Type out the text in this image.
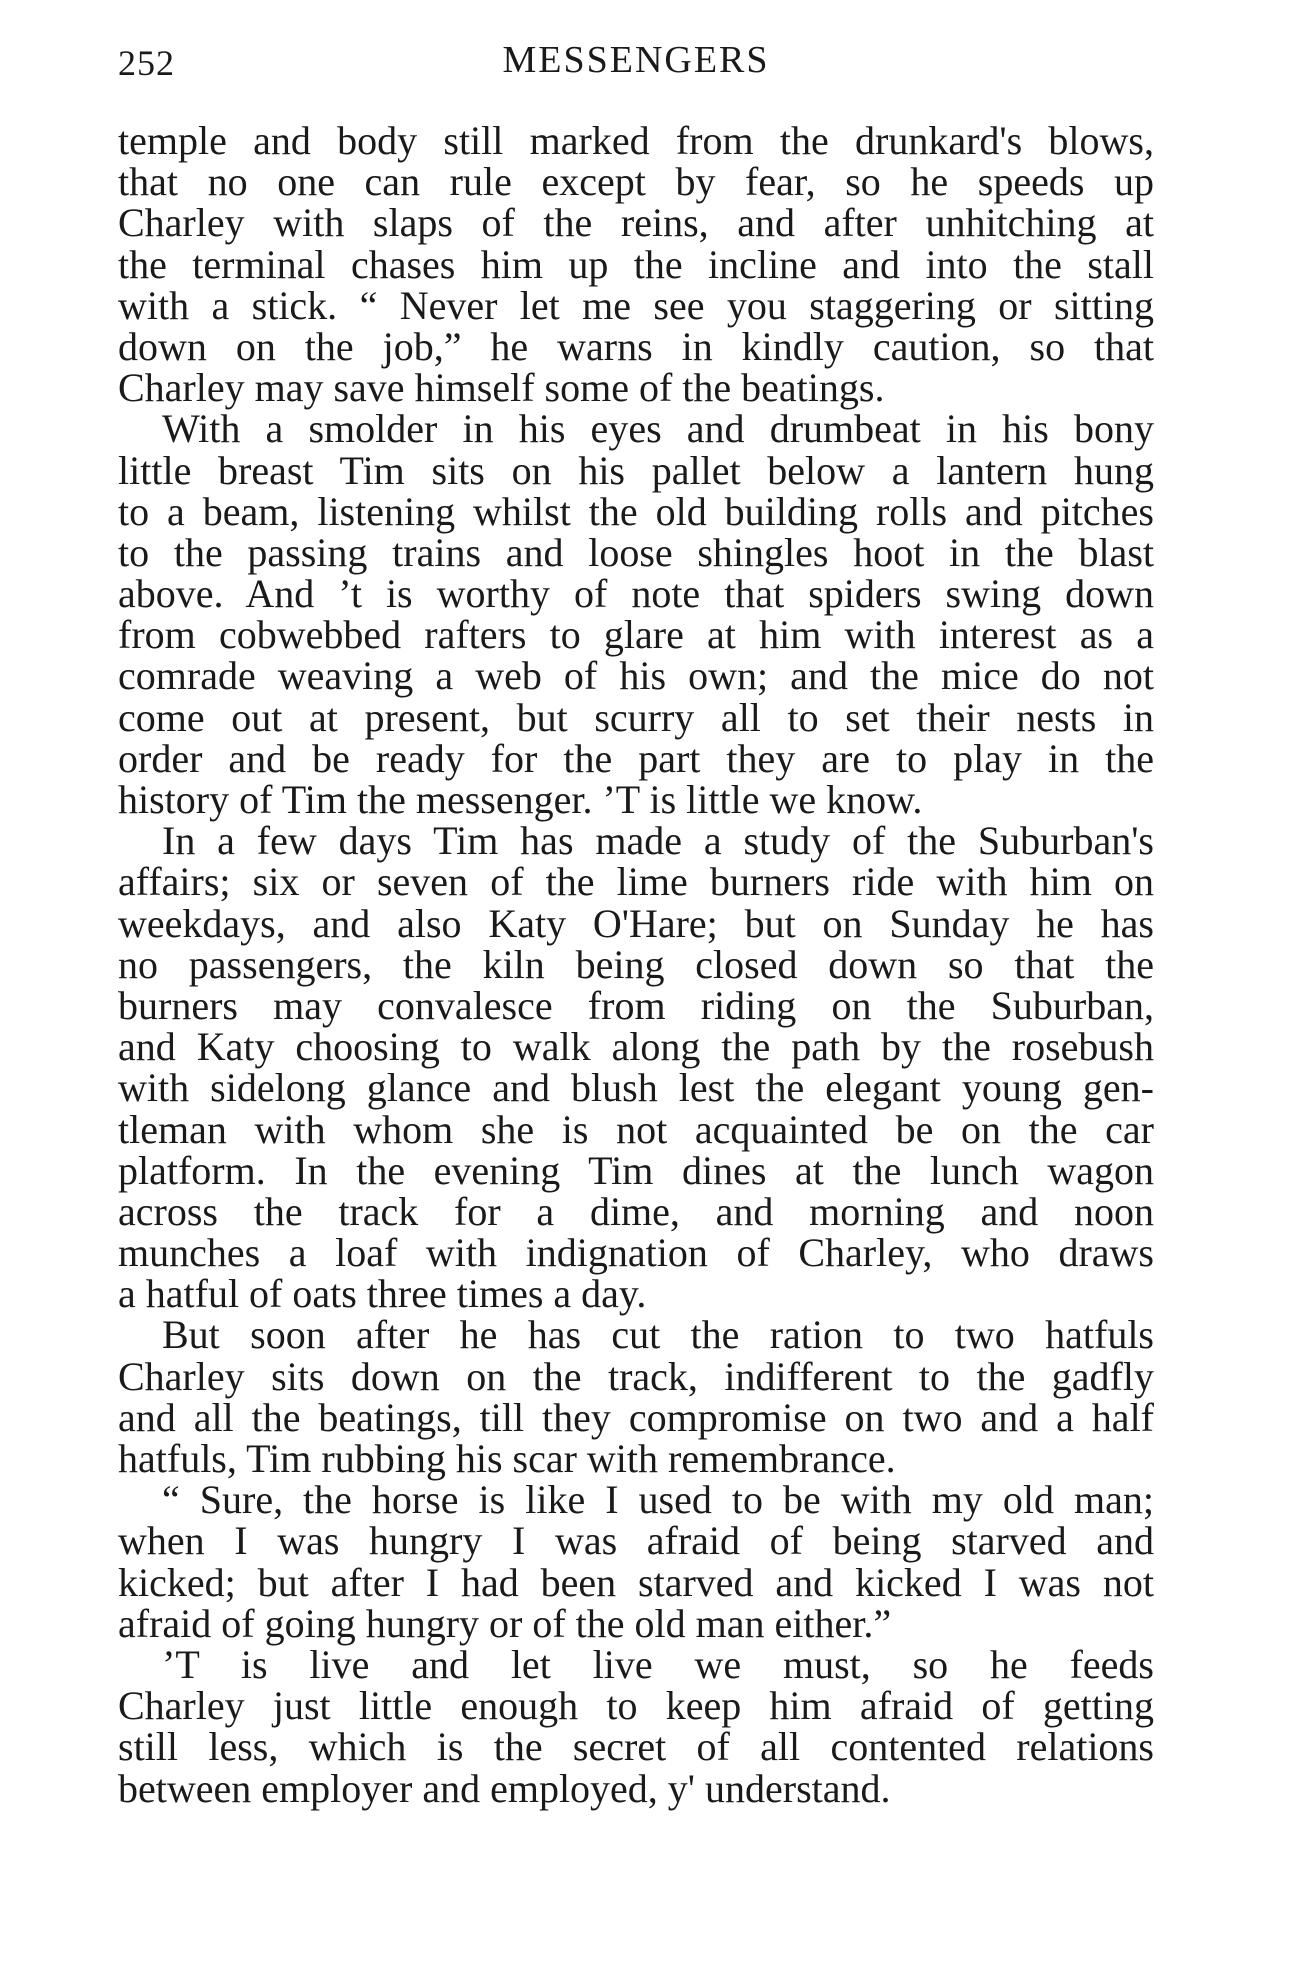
252	MESSENGERS
temple and body still marked from the drunkard's blows,
that no one can rule except by fear, so he speeds up
Charley with slaps of the reins, and after unhitching at
the terminal chases him up the incline and into the stall
with a stick. “ Never let me see you staggering or sitting
down on the job,” he warns in kindly caution, so that
Charley may save himself some of the beatings.
With a smolder in his eyes and drumbeat in his bony
little breast Tim sits on his pallet below a lantern hung
to a beam, listening whilst the old building rolls and pitches
to the passing trains and loose shingles hoot in the blast
above. And ’t is worthy of note that spiders swing down
from cobwebbed rafters to glare at him with interest as a
comrade weaving a web of his own; and the mice do not
come out at present, but scurry all to set their nests in
order and be ready for the part they are to play in the
history of Tim the messenger. ’T is little we know.
In a few days Tim has made a study of the Suburban's
affairs; six or seven of the lime burners ride with him on
weekdays, and also Katy O'Hare; but on Sunday he has
no passengers, the kiln being closed down so that the
burners may convalesce from riding on the Suburban,
and Katy choosing to walk along the path by the rosebush
with sidelong glance and blush lest the elegant young gen-
tleman with whom she is not acquainted be on the car
platform. In the evening Tim dines at the lunch wagon
across the track for a dime, and morning and noon
munches a loaf with indignation of Charley, who draws
a hatful of oats three times a day.
But soon after he has cut the ration to two hatfuls
Charley sits down on the track, indifferent to the gadfly
and all the beatings, till they compromise on two and a half
hatfuls, Tim rubbing his scar with remembrance.
“ Sure, the horse is like I used to be with my old man;
when I was hungry I was afraid of being starved and
kicked; but after I had been starved and kicked I was not
afraid of going hungry or of the old man either.”
’T is live and let live we must, so he feeds
Charley just little enough to keep him afraid of getting
still less, which is the secret of all contented relations
between employer and employed, y' understand.
